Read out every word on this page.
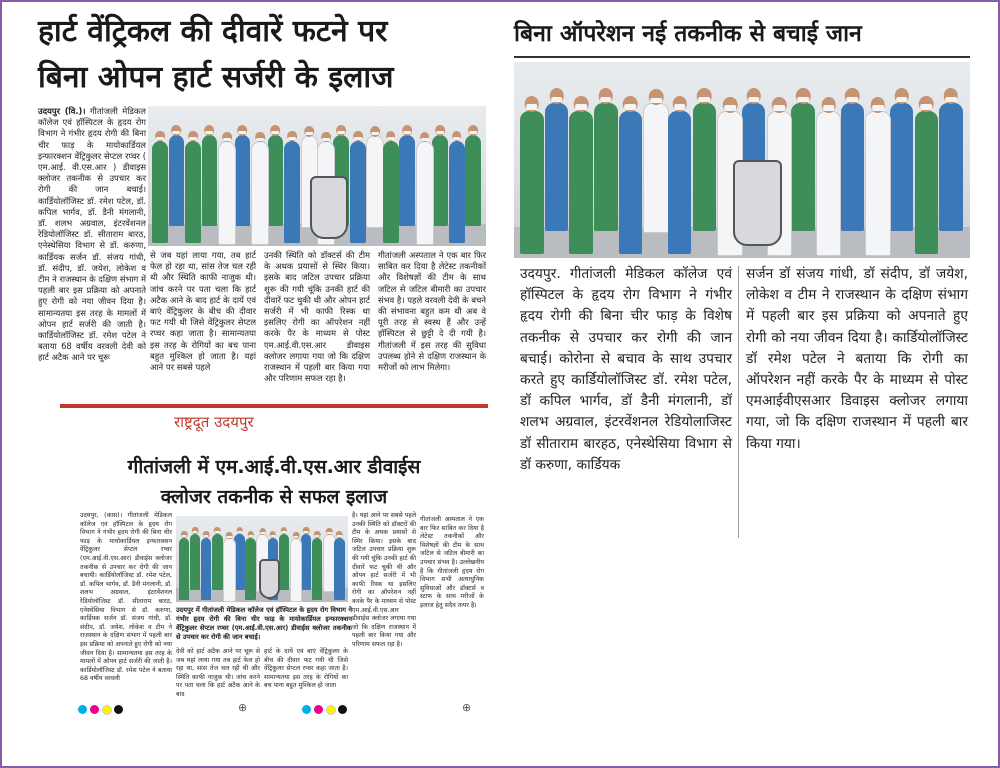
हार्ट वेंट्रिकल की दीवारें फटने पर
बिना ओपन हार्ट सर्जरी के इलाज
उदयपुर (वि.)। गीतांजली मेडिकल कॉलेज एवं हॉस्पिटल के हृदय रोग विभाग ने गंभीर हृदय रोगी की बिना चीर फाड़ के मायोकार्डियल इन्फारक्शन वेंट्रिकुलर सेप्टल रप्चर ( एम.आई. वी.एस.आर ) डीवाइस क्लोजर तकनीक से उपचार कर रोगी की जान बचाई। कार्डियोलॉजिस्ट डॉ. रमेश पटेल, डॉ. कपिल भार्गव, डॉ. डैनी मंगलानी, डॉ. शलभ अग्रवाल, इंटरवेंशनल रेडियोलॉजिस्ट डॉ. सीताराम बारठ, एनेस्थेसिया विभाग से डॉ. करुणा, कार्डियक सर्जन डॉ. संजय गांधी, डॉ. संदीप, डॉ. जयेश, लोकेश व टीम ने राजस्थान के दक्षिण संभाग में पहली बार इस प्रक्रिया को अपनाते हुए रोगी को नया जीवन दिया है। सामान्यतया इस तरह के मामलों में ओपन हार्ट सर्जरी की जाती है। कार्डियोलॉजिस्ट डॉ. रमेश पटेल ने बताया 68 वर्षीय वरवली देवी को हार्ट अटैक आने पर चूरू
से जब यहां लाया गया, तब हार्ट फेल हो रहा था, सांस तेज चल रही थी और स्थिति काफी नाजुक थी। जांच करने पर पता चला कि हार्ट अटैक आने के बाद हार्ट के दायें एवं बाएं वेंट्रिकुलर के बीच की दीवार फट गयी थी जिसे वेंट्रिकुलर सेप्टल रप्चर कहा जाता है। सामान्यतया इस तरह के रोगियों का बच पाना बहुत मुश्किल हो जाता है। यहां आने पर सबसे पहले
उनकी स्थिति को डॉक्टर्स की टीम के अथक प्रयासों से स्थिर किया। इसके बाद जटिल उपचार प्रक्रिया शुरू की गयी चूंकि उनकी हार्ट की दीवारें फट चुकी थी और ओपन हार्ट सर्जरी में भी काफी रिस्क था इसलिए रोगी का ऑपरेशन नहीं करके पैर के माध्यम से पोस्ट एम.आई.वी.एस.आर डीवाइस क्लोजर लगाया गया जो कि दक्षिण राजस्थान में पहली बार किया गया और परिणाम सफल रहा है।
गीतांजली अस्पताल ने एक बार फिर साबित कर दिया है लेटेस्ट तकनीकों और विशेषज्ञों की टीम के साथ जटिल से जटिल बीमारी का उपचार संभव है। पहले वरवली देवी के बचने की संभावना बहुत कम थी अब वे पूरी तरह से स्वस्थ हैं और उन्हें हॉस्पिटल से छुट्टी दे दी गयी है। गीतांजली में इस तरह की सुविधा उपलब्ध होने से दक्षिण राजस्थान के मरीजों को लाभ मिलेगा।
बिना ऑपरेशन नई तकनीक से बचाई जान
उदयपुर. गीतांजली मेडिकल कॉलेज एवं हॉस्पिटल के हृदय रोग विभाग ने गंभीर हृदय रोगी की बिना चीर फाड़ के विशेष तकनीक से उपचार कर रोगी की जान बचाई। कोरोना से बचाव के साथ उपचार करते हुए कार्डियोलॉजिस्ट डॉ. रमेश पटेल, डॉ कपिल भार्गव, डॉ डैनी मंगलानी, डॉ शलभ अग्रवाल, इंटरवेंशनल रेडियोलाजिस्ट डॉ सीताराम बारहठ, एनेस्थेसिया विभाग से डॉ करुणा, कार्डियक
सर्जन डॉ संजय गांधी, डॉ संदीप, डॉ जयेश, लोकेश व टीम ने राजस्थान के दक्षिण संभाग में पहली बार इस प्रक्रिया को अपनाते हुए रोगी को नया जीवन दिया है। कार्डियोलॉजिस्ट डॉ रमेश पटेल ने बताया कि रोगी का ऑपरेशन नहीं करके पैर के माध्यम से पोस्ट एमआईवीएसआर डिवाइस क्लोजर लगाया गया, जो कि दक्षिण राजस्थान में पहली बार किया गया।
राष्ट्रदूत उदयपुर
गीतांजली में एम.आई.वी.एस.आर डीवाईस
क्लोजर तकनीक से सफल इलाज
उदयपुर, (कास)। गीतांजली मेडिकल कॉलेज एवं हॉस्पिटल के हृदय रोग विभाग ने गंभीर हृदय रोगी की बिना चीर फाड़ के मायोकार्डियल इन्फारक्शन वेंट्रिकुलर सेप्टल रप्चर (एम.आई.वी.एस.आर) डीवाईस क्लोजर तकनीक से उपचार कर रोगी की जान बचायी। कार्डियोलॉजिस्ट डॉ. रमेश पटेल, डॉ. कपिल भार्गव, डॉ. डैनी मंगलानी, डॉ. शलभ अग्रवाल, इंटरवेंशनल रेडियोलॉजिस्ट डॉ. सीताराम बारठ, एनेस्थेसिया विभाग से डॉ. करुणा, कार्डियक सर्जन डॉ. संजय गांधी, डॉ. संदीप, डॉ. जयेश, लोकेश व टीम ने राजस्थान के दक्षिण संभाग में पहली बार इस प्रक्रिया को अपनाते हुए रोगी को नया जीवन दिया है। सामान्यतया इस तरह के मामलों में ओपन हार्ट सर्जरी की जाती है। कार्डियोलॉजिस्ट डॉ. रमेश पटेल ने बताया 68 वर्षीय वरवली
है। यहां आने पर सबसे पहले उनकी स्थिति को डॉक्टरों की टीम के अथक प्रयासों से स्थिर किया। इसके बाद जटिल उपचार प्रक्रिया शुरू की गयी चूंकि उनकी हार्ट की दीवारें फट चुकी थी और ओपन हार्ट सर्जरी में भी काफी रिस्क था इसलिए रोगी का ऑपरेशन नहीं करके पैर के माध्यम से पोस्ट एम.आई.वी.एस.आर डीवाईस क्लोजर लगाया गया जो कि दक्षिण राजस्थान में पहली बार किया गया और परिणाम सफल रहा है।
गीतांजली अस्पताल ने एक बार फिर साबित कर दिया है लेटेस्ट तकनीकों और विशेषज्ञों की टीम के साथ जटिल से जटिल बीमारी का उपचार संभव है। उल्लेखनीय है कि गीतांजली हृदय रोग विभाग सभी अत्याधुनिक सुविधाओं और डॉक्टर्स व स्टाफ के साथ मरीजों के इलाज हेतु सदैव तत्पर है।
उदयपुर में गीतांजली मेडिकल कॉलेज एवं हॉस्पिटल के हृदय रोग विभाग ने गंभीर हृदय रोगी की बिना चीर फाड़ के मायोकार्डियल इन्फारक्शन वेंट्रिकुलर सेप्टल रप्चर (एम.आई.वी.एस.आर) डीवाईस क्लोजर तकनीक से उपचार कर रोगी की जान बचाई।
देवी को हार्ट अटैक आने पर चूरू से जब यहां लाया गया तब हार्ट फेल हो रहा था, सांस तेज चल रही थी और स्थिति काफी नाजुक थी। जांच करने पर पता चला कि हार्ट अटैक आने के बाद
हार्ट के दायें एवं बाएं वेंट्रिकुलर के बीच की दीवार फट गयी थी जिसे वेंट्रिकुलर सेप्टल रप्चर कहा जाता है। सामान्यतया इस तरह के रोगियों का बच पाना बहुत मुश्किल हो जाता
⊕	⊕
